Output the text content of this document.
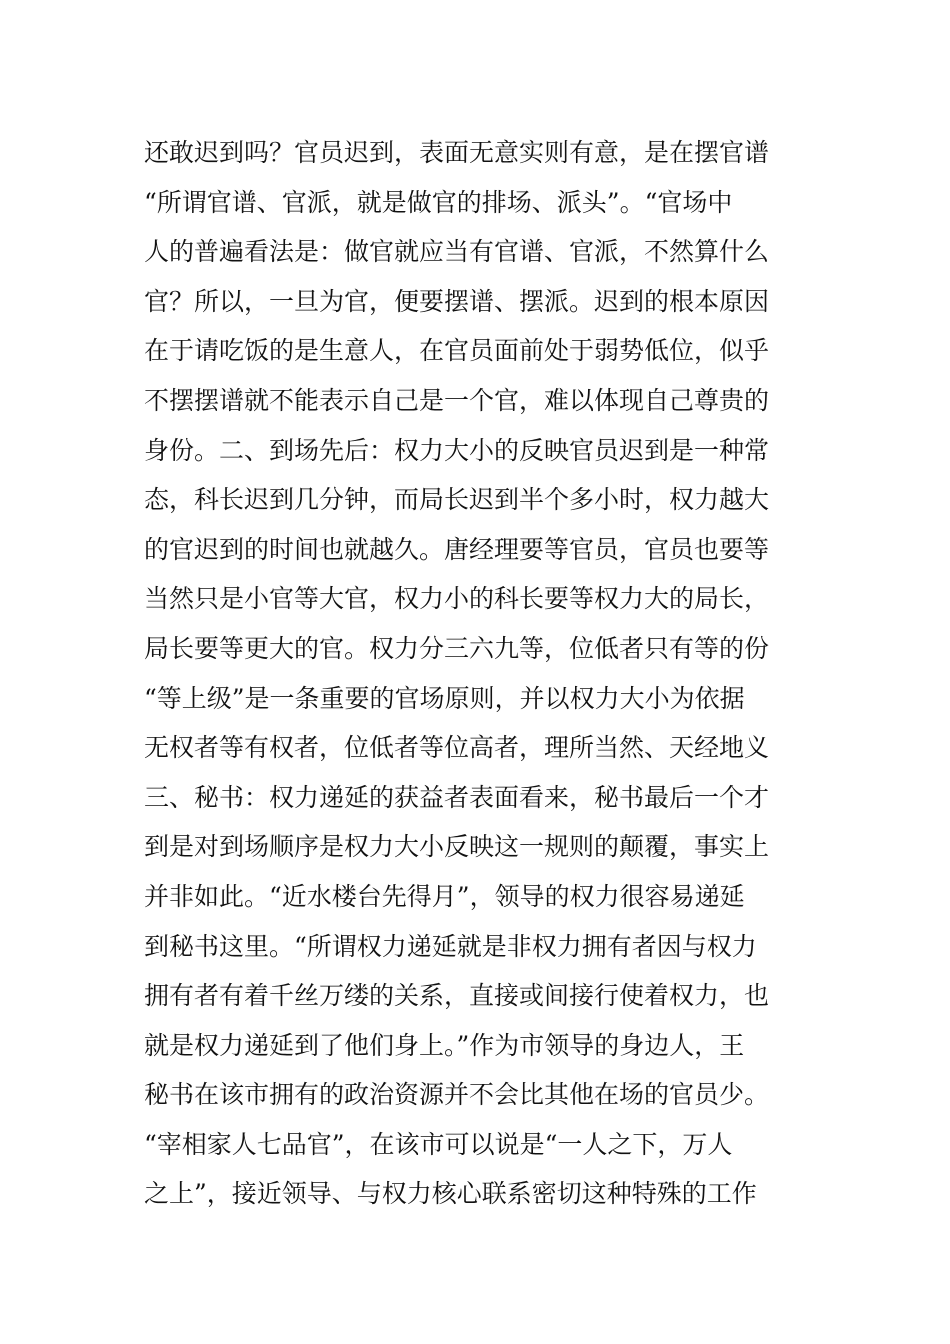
还敢迟到吗？官员迟到，表面无意实则有意，是在摆官谱
“所谓官谱、官派，就是做官的排场、派头”。“官场中
人的普遍看法是：做官就应当有官谱、官派，不然算什么
官？所以，一旦为官，便要摆谱、摆派。迟到的根本原因
在于请吃饭的是生意人，在官员面前处于弱势低位，似乎
不摆摆谱就不能表示自己是一个官，难以体现自己尊贵的
身份。二、到场先后：权力大小的反映官员迟到是一种常
态，科长迟到几分钟，而局长迟到半个多小时，权力越大
的官迟到的时间也就越久。唐经理要等官员，官员也要等
当然只是小官等大官，权力小的科长要等权力大的局长，
局长要等更大的官。权力分三六九等，位低者只有等的份
“等上级”是一条重要的官场原则，并以权力大小为依据
无权者等有权者，位低者等位高者，理所当然、天经地义
三、秘书：权力递延的获益者表面看来，秘书最后一个才
到是对到场顺序是权力大小反映这一规则的颠覆，事实上
并非如此。“近水楼台先得月”，领导的权力很容易递延
到秘书这里。“所谓权力递延就是非权力拥有者因与权力
拥有者有着千丝万缕的关系，直接或间接行使着权力，也
就是权力递延到了他们身上。”作为市领导的身边人，王
秘书在该市拥有的政治资源并不会比其他在场的官员少。
“宰相家人七品官”，在该市可以说是“一人之下，万人
之上”，接近领导、与权力核心联系密切这种特殊的工作
